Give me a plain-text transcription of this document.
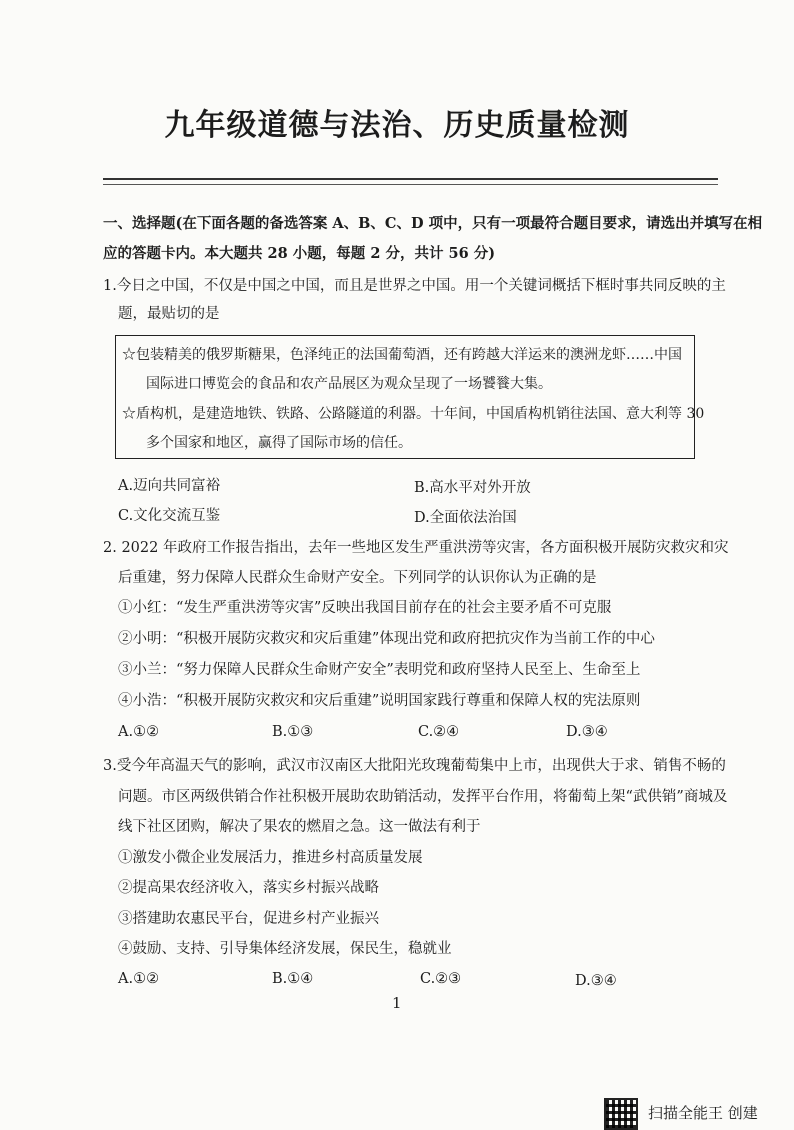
九年级道德与法治、历史质量检测
一、选择题(在下面各题的备选答案 A、B、C、D 项中，只有一项最符合题目要求，请选出并填写在相
应的答题卡内。本大题共 28 小题，每题 2 分，共计 56 分)
1.今日之中国，不仅是中国之中国，而且是世界之中国。用一个关键词概括下框时事共同反映的主
题，最贴切的是
☆包装精美的俄罗斯糖果，色泽纯正的法国葡萄酒，还有跨越大洋运来的澳洲龙虾……中国
国际进口博览会的食品和农产品展区为观众呈现了一场饕餮大集。
☆盾构机，是建造地铁、铁路、公路隧道的利器。十年间，中国盾构机销往法国、意大利等 30
多个国家和地区，赢得了国际市场的信任。
A.迈向共同富裕	B.高水平对外开放
C.文化交流互鉴	D.全面依法治国
2. 2022 年政府工作报告指出，去年一些地区发生严重洪涝等灾害，各方面积极开展防灾救灾和灾
后重建，努力保障人民群众生命财产安全。下列同学的认识你认为正确的是
①小红：“发生严重洪涝等灾害”反映出我国目前存在的社会主要矛盾不可克服
②小明：“积极开展防灾救灾和灾后重建”体现出党和政府把抗灾作为当前工作的中心
③小兰：“努力保障人民群众生命财产安全”表明党和政府坚持人民至上、生命至上
④小浩：“积极开展防灾救灾和灾后重建”说明国家践行尊重和保障人权的宪法原则
A.①②	B.①③	C.②④	D.③④
3.受今年高温天气的影响，武汉市汉南区大批阳光玫瑰葡萄集中上市，出现供大于求、销售不畅的
问题。市区两级供销合作社积极开展助农助销活动，发挥平台作用，将葡萄上架“武供销”商城及
线下社区团购，解决了果农的燃眉之急。这一做法有利于
①激发小微企业发展活力，推进乡村高质量发展
②提高果农经济收入，落实乡村振兴战略
③搭建助农惠民平台，促进乡村产业振兴
④鼓励、支持、引导集体经济发展，保民生，稳就业
A.①②	B.①④	C.②③	D.③④
1
扫描全能王 创建
